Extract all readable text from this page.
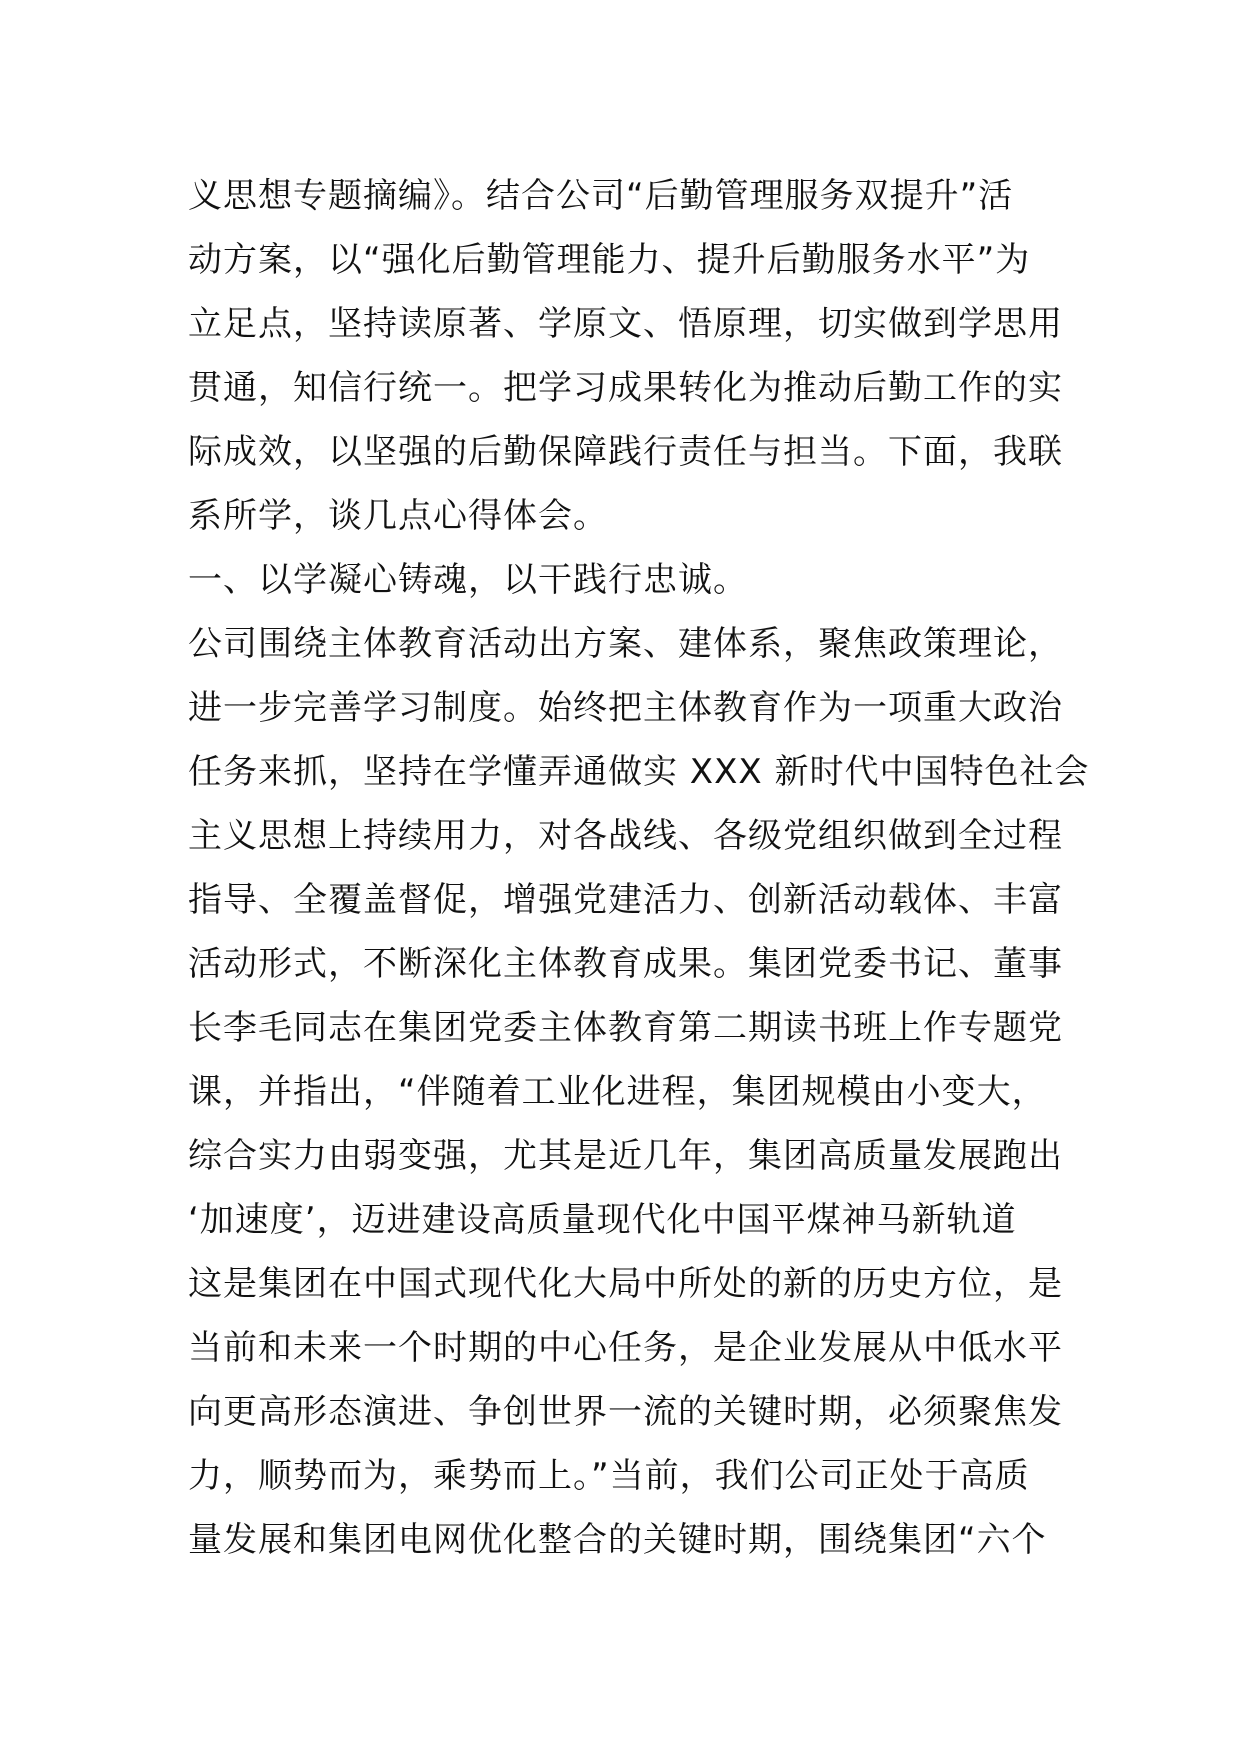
义思想专题摘编》。结合公司“后勤管理服务双提升”活
动方案，以“强化后勤管理能力、提升后勤服务水平”为
立足点，坚持读原著、学原文、悟原理，切实做到学思用
贯通，知信行统一。把学习成果转化为推动后勤工作的实
际成效，以坚强的后勤保障践行责任与担当。下面，我联
系所学，谈几点心得体会。
一、以学凝心铸魂，以干践行忠诚。
公司围绕主体教育活动出方案、建体系，聚焦政策理论，
进一步完善学习制度。始终把主体教育作为一项重大政治
任务来抓，坚持在学懂弄通做实 XXX 新时代中国特色社会
主义思想上持续用力，对各战线、各级党组织做到全过程
指导、全覆盖督促，增强党建活力、创新活动载体、丰富
活动形式，不断深化主体教育成果。集团党委书记、董事
长李毛同志在集团党委主体教育第二期读书班上作专题党
课，并指出，“伴随着工业化进程，集团规模由小变大，
综合实力由弱变强，尤其是近几年，集团高质量发展跑出
‘加速度’，迈进建设高质量现代化中国平煤神马新轨道
这是集团在中国式现代化大局中所处的新的历史方位，是
当前和未来一个时期的中心任务，是企业发展从中低水平
向更高形态演进、争创世界一流的关键时期，必须聚焦发
力，顺势而为，乘势而上。”当前，我们公司正处于高质
量发展和集团电网优化整合的关键时期，围绕集团“六个
